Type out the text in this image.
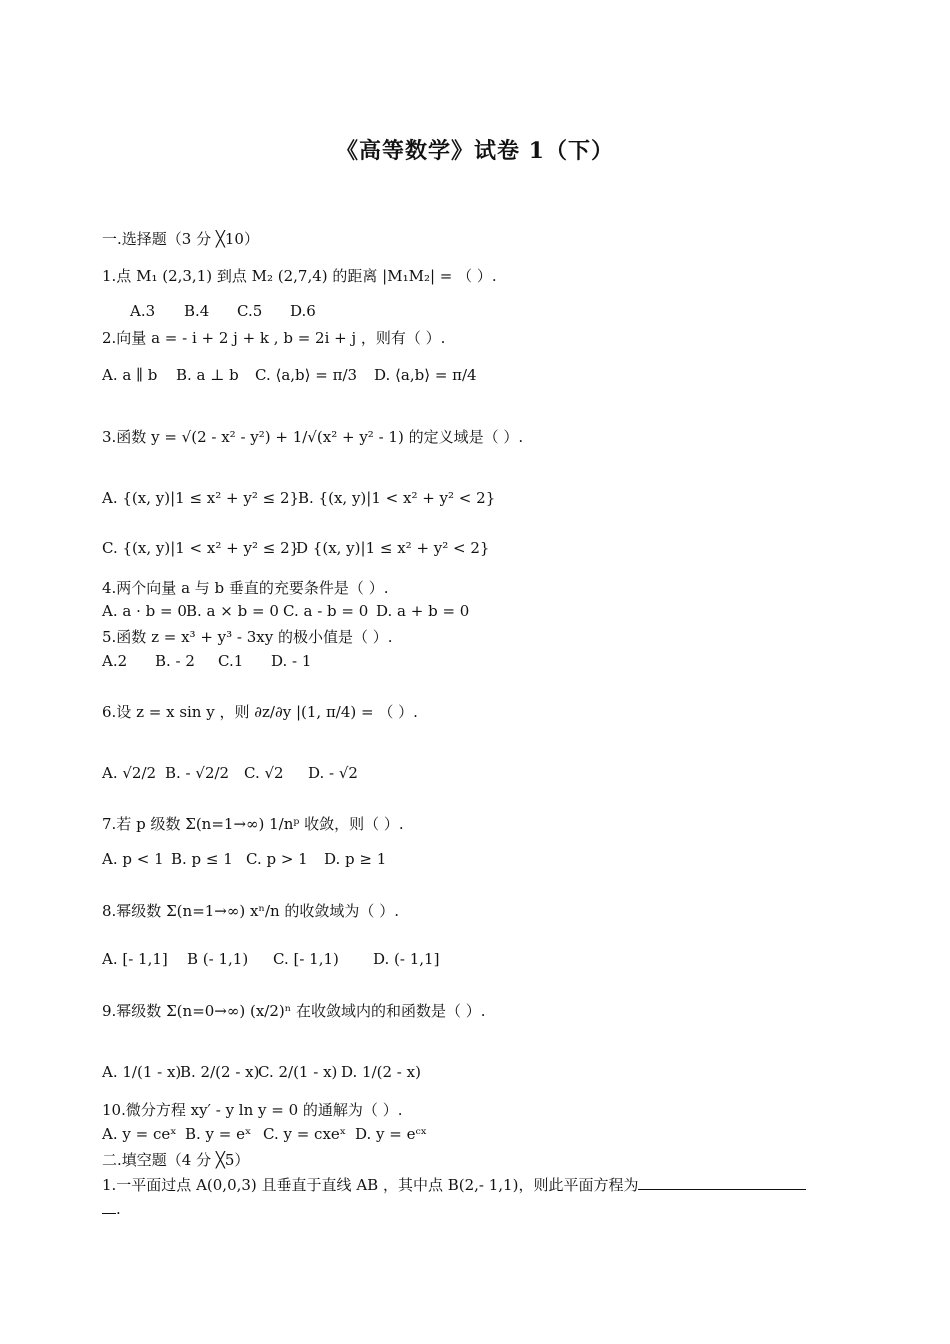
《高等数学》试卷 1（下）
一.选择题（3 分 ╳10）
1.点 M₁ (2,3,1) 到点 M₂ (2,7,4) 的距离 |M₁M₂| = （ ）.
A.3 B.4 C.5 D.6
2.向量 a = - i + 2 j + k , b = 2i + j ，则有（ ）.
A. a ∥ b B. a ⊥ b C. ⟨a,b⟩ = π/3 D. ⟨a,b⟩ = π/4
3.函数 y = √(2 - x² - y²) + 1/√(x² + y² - 1) 的定义域是（ ）.
A. {(x, y)|1 ≤ x² + y² ≤ 2}
B. {(x, y)|1 < x² + y² < 2}
C. {(x, y)|1 < x² + y² ≤ 2}
D {(x, y)|1 ≤ x² + y² < 2}
4.两个向量 a 与 b 垂直的充要条件是（ ）.
A. a · b = 0 B. a × b = 0 C. a - b = 0 D. a + b = 0
5.函数 z = x³ + y³ - 3xy 的极小值是（ ）.
A.2 B. - 2 C.1 D. - 1
6.设 z = x sin y ，则 ∂z/∂y |(1, π/4) = （ ）.
A. √2/2 B. - √2/2 C. √2 D. - √2
7.若 p 级数 Σ(n=1→∞) 1/nᵖ 收敛，则（ ）.
A. p < 1 B. p ≤ 1 C. p > 1 D. p ≥ 1
8.幂级数 Σ(n=1→∞) xⁿ/n 的收敛域为（ ）.
A. [- 1,1] B (- 1,1) C. [- 1,1) D. (- 1,1]
9.幂级数 Σ(n=0→∞) (x/2)ⁿ 在收敛域内的和函数是（ ）.
A. 1/(1 - x)
B. 2/(2 - x)
C. 2/(1 - x) D. 1/(2 - x)
10.微分方程 xy′ - y ln y = 0 的通解为（ ）.
A. y = ceˣ B. y = eˣ C. y = cxeˣ D. y = eᶜˣ
二.填空题（4 分 ╳5）
1.一平面过点 A(0,0,3) 且垂直于直线 AB ，其中点 B(2,- 1,1)，则此平面方程为
.
